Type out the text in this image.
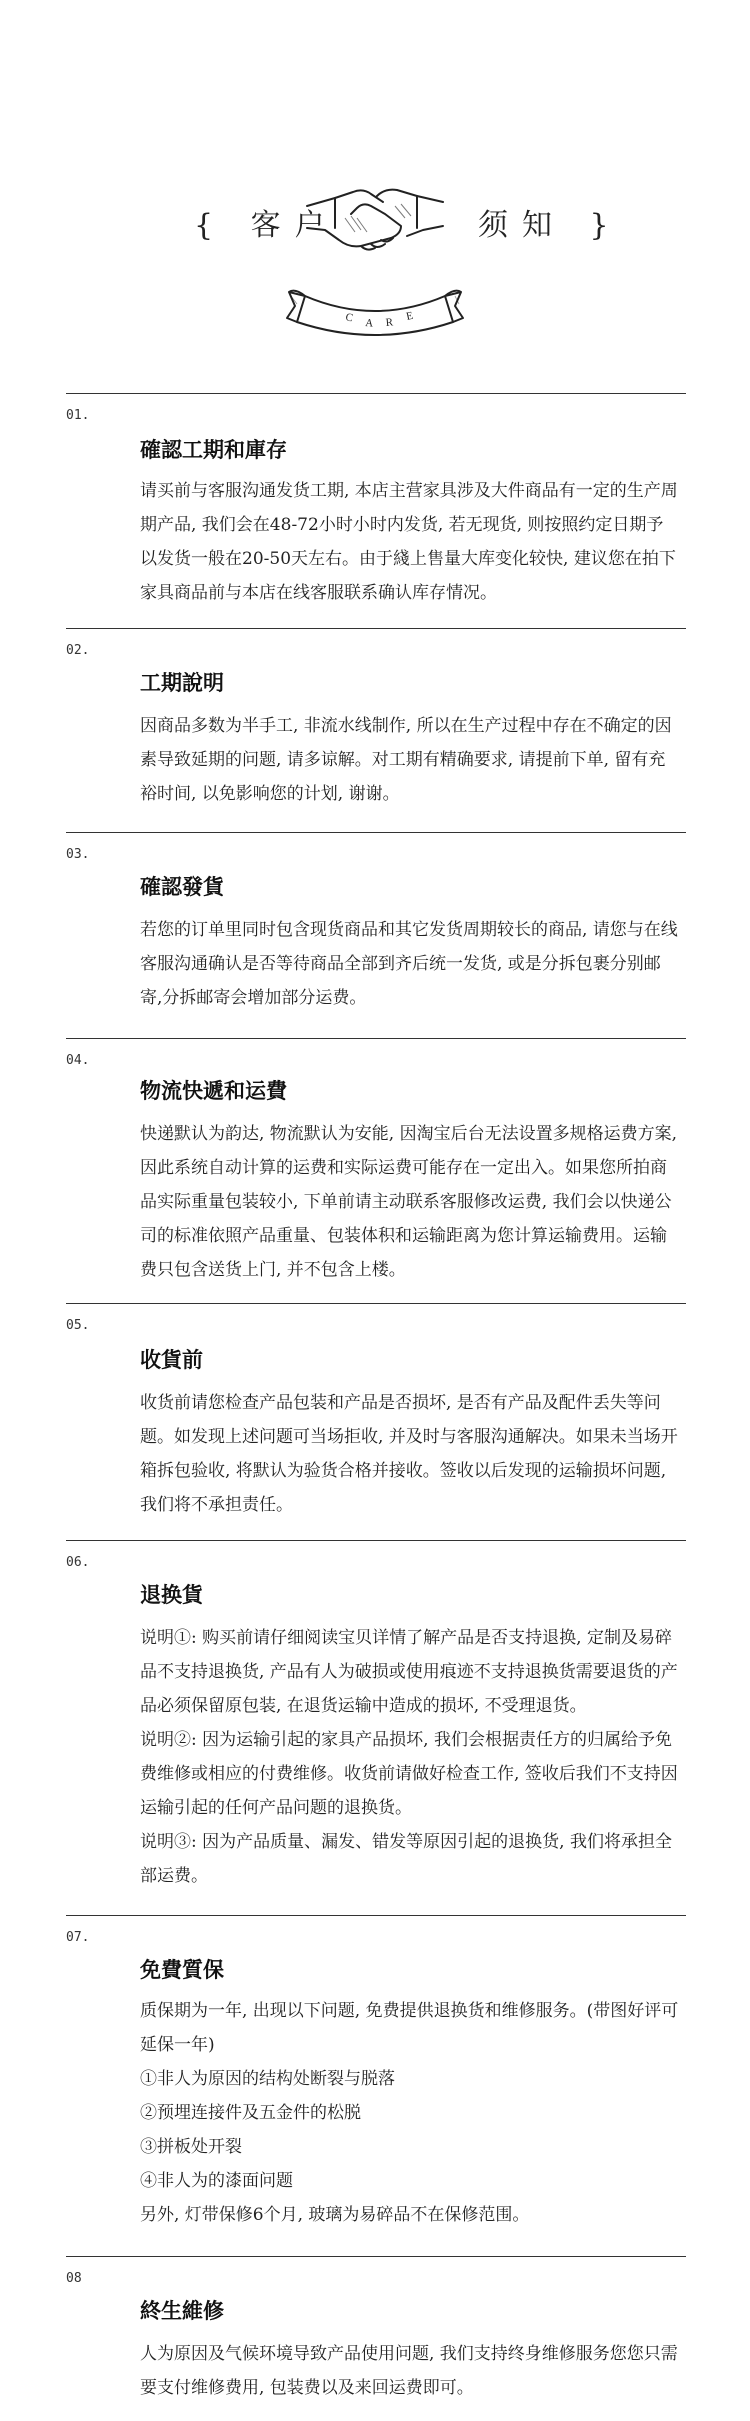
{ 客户	须知 }
C A R E
01.
確認工期和庫存

请买前与客服沟通发货工期, 本店主营家具涉及大件商品有一定的生产周期产品, 我们会在48-72小时小时内发货, 若无现货, 则按照约定日期予以发货一般在20-50天左右。由于綫上售量大库变化较快, 建议您在拍下家具商品前与本店在线客服联系确认库存情况。

02.
工期說明

因商品多数为半手工, 非流水线制作, 所以在生产过程中存在不确定的因素导致延期的问题, 请多谅解。对工期有精确要求, 请提前下单, 留有充裕时间, 以免影响您的计划, 谢谢。

03.
確認發貨

若您的订单里同时包含现货商品和其它发货周期较长的商品, 请您与在线客服沟通确认是否等待商品全部到齐后统一发货, 或是分拆包裹分别邮寄,分拆邮寄会增加部分运费。

04.
物流快遞和运費

快递默认为韵达, 物流默认为安能, 因淘宝后台无法设置多规格运费方案, 因此系统自动计算的运费和实际运费可能存在一定出入。如果您所拍商品实际重量包装较小, 下单前请主动联系客服修改运费, 我们会以快递公司的标准依照产品重量、包装体积和运输距离为您计算运输费用。运输费只包含送货上门, 并不包含上楼。

05.
收貨前

收货前请您检查产品包装和产品是否损坏, 是否有产品及配件丢失等问题。如发现上述问题可当场拒收, 并及时与客服沟通解决。如果未当场开箱拆包验收, 将默认为验货合格并接收。签收以后发现的运输损坏问题, 我们将不承担责任。

06.
退换貨

说明①: 购买前请仔细阅读宝贝详情了解产品是否支持退换, 定制及易碎品不支持退换货, 产品有人为破损或使用痕迹不支持退换货需要退货的产品必须保留原包装, 在退货运输中造成的损坏, 不受理退货。

说明②: 因为运输引起的家具产品损坏, 我们会根据责任方的归属给予免费维修或相应的付费维修。收货前请做好检查工作, 签收后我们不支持因运输引起的任何产品问题的退换货。

说明③: 因为产品质量、漏发、错发等原因引起的退换货, 我们将承担全部运费。

07.
免費質保

质保期为一年, 出现以下问题, 免费提供退换货和维修服务。(带图好评可延保一年)

①非人为原因的结构处断裂与脱落

②预埋连接件及五金件的松脱

③拼板处开裂

④非人为的漆面问题

另外, 灯带保修6个月, 玻璃为易碎品不在保修范围。

08
終生維修

人为原因及气候环境导致产品使用问题, 我们支持终身维修服务您您只需要支付维修费用, 包装费以及来回运费即可。
